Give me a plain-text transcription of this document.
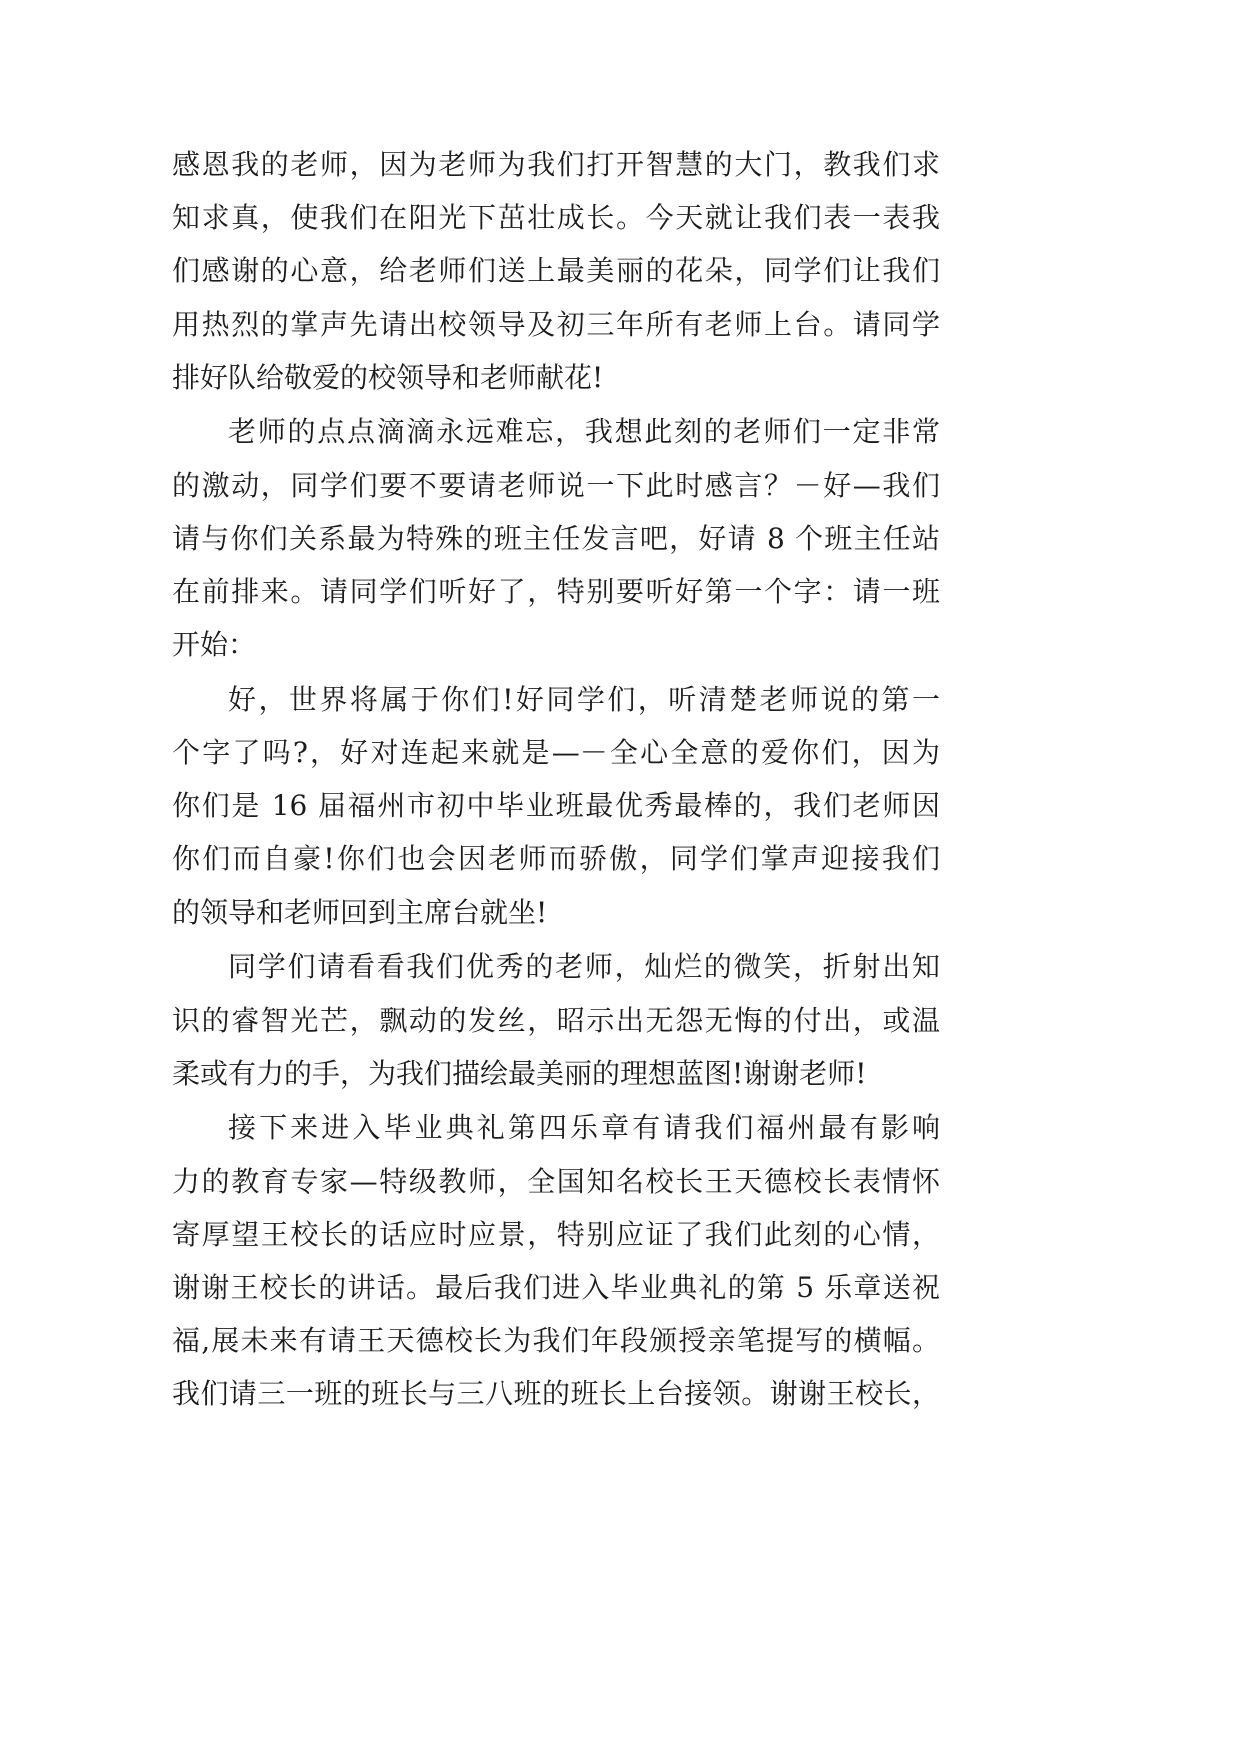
感恩我的老师，因为老师为我们打开智慧的大门，教我们求
知求真，使我们在阳光下茁壮成长。今天就让我们表一表我
们感谢的心意，给老师们送上最美丽的花朵，同学们让我们
用热烈的掌声先请出校领导及初三年所有老师上台。请同学
排好队给敬爱的校领导和老师献花!
老师的点点滴滴永远难忘，我想此刻的老师们一定非常
的激动，同学们要不要请老师说一下此时感言？－好—我们
请与你们关系最为特殊的班主任发言吧，好请 8 个班主任站
在前排来。请同学们听好了，特别要听好第一个字：请一班
开始：
好，世界将属于你们!好同学们，听清楚老师说的第一
个字了吗?，好对连起来就是—－全心全意的爱你们，因为
你们是 16 届福州市初中毕业班最优秀最棒的，我们老师因
你们而自豪!你们也会因老师而骄傲，同学们掌声迎接我们
的领导和老师回到主席台就坐!
同学们请看看我们优秀的老师，灿烂的微笑，折射出知
识的睿智光芒，飘动的发丝，昭示出无怨无悔的付出，或温
柔或有力的手，为我们描绘最美丽的理想蓝图!谢谢老师!
接下来进入毕业典礼第四乐章有请我们福州最有影响
力的教育专家—特级教师，全国知名校长王天德校长表情怀
寄厚望王校长的话应时应景，特别应证了我们此刻的心情，
谢谢王校长的讲话。最后我们进入毕业典礼的第 5 乐章送祝
福,展未来有请王天德校长为我们年段颁授亲笔提写的横幅。
我们请三一班的班长与三八班的班长上台接领。谢谢王校长，
